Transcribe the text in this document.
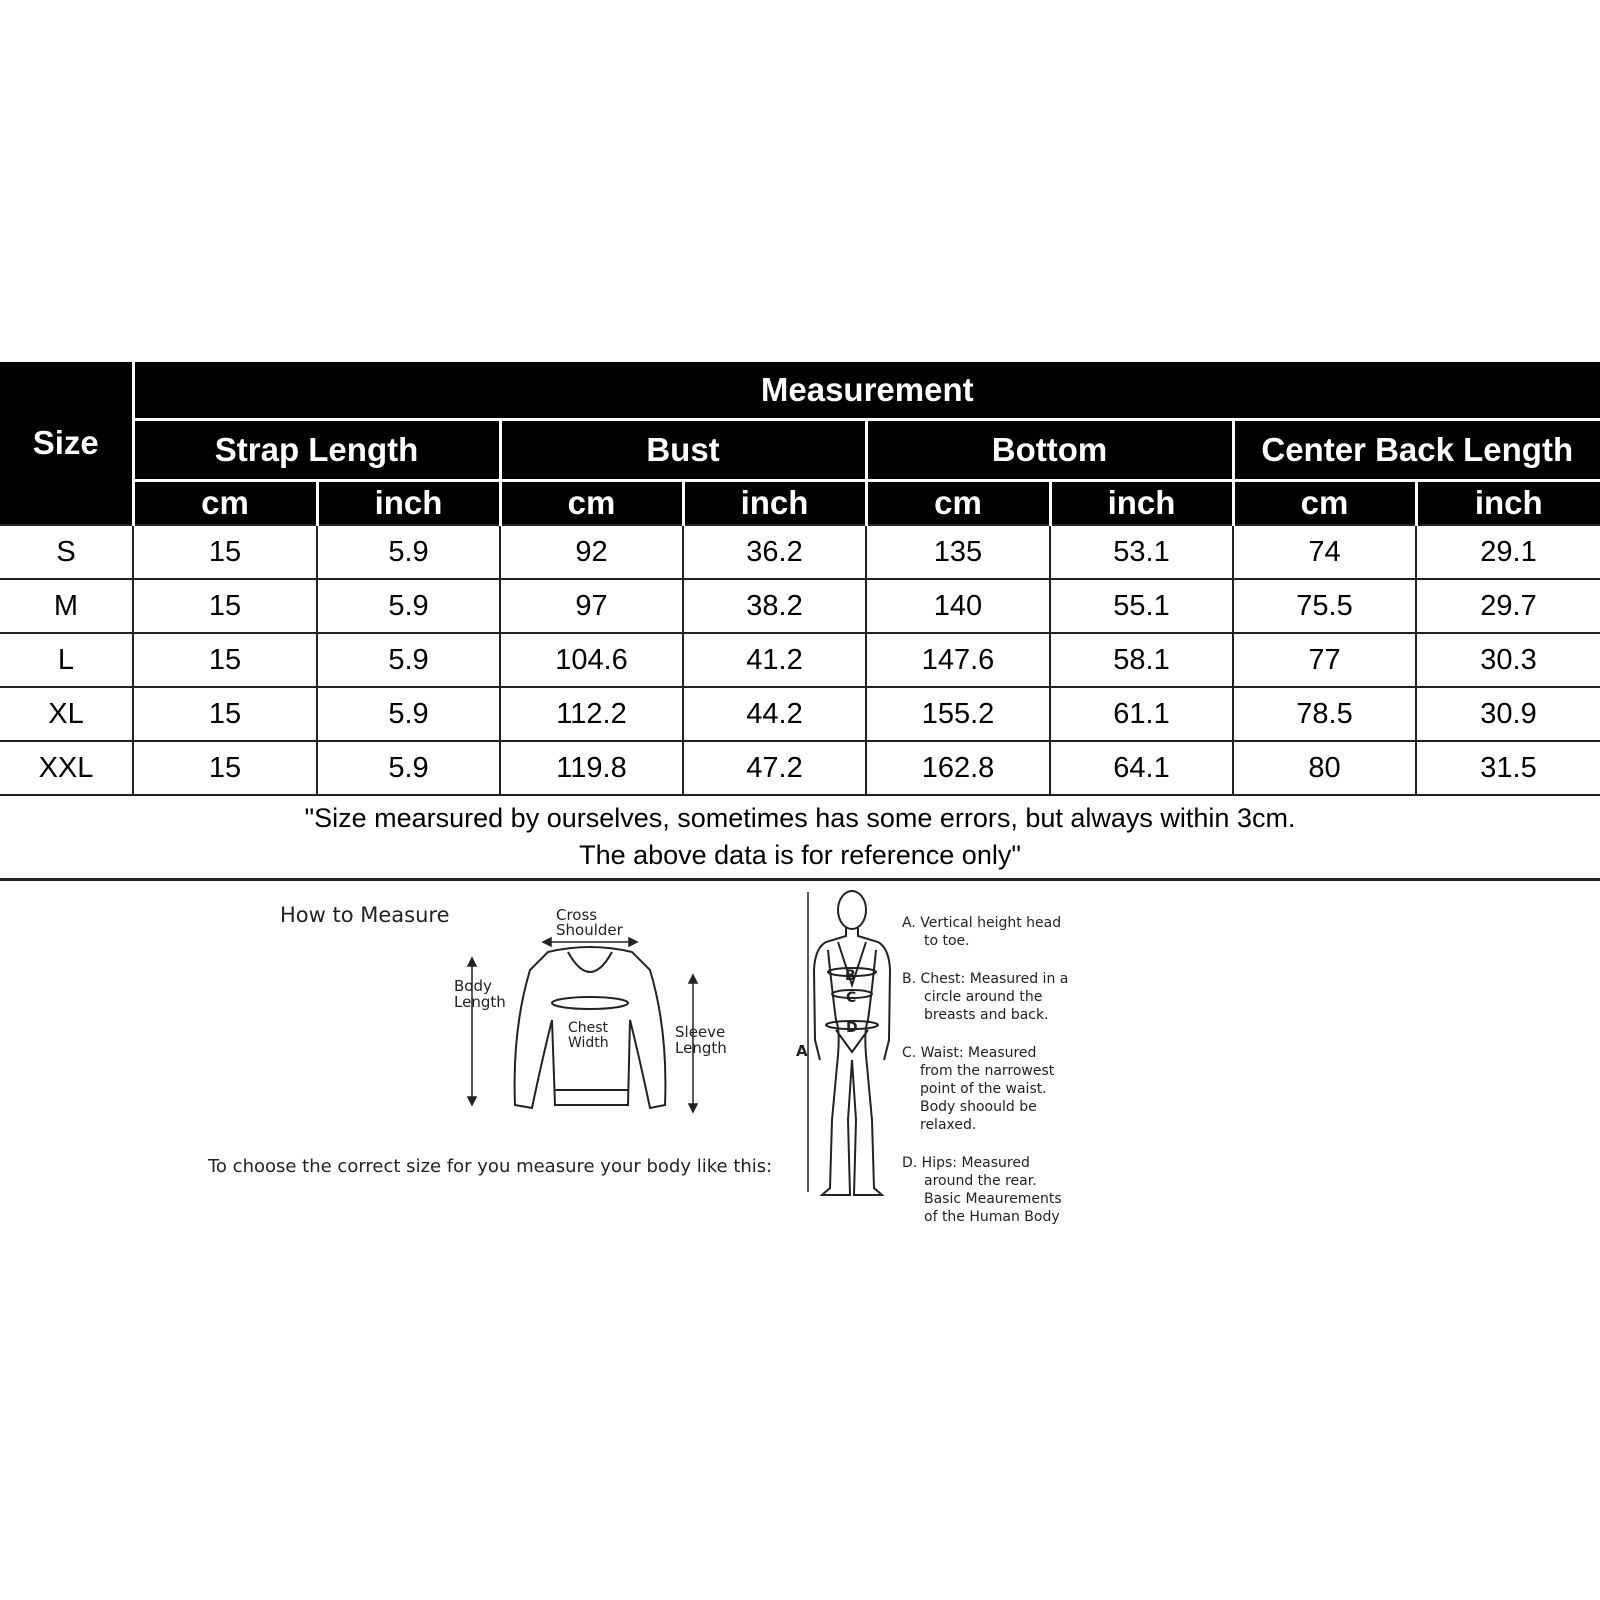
Size	Measurement							
	Strap Length		Bust		Bottom		Center Back Length	
	cm	inch	cm	inch	cm	inch	cm	inch
S	15	5.9	92	36.2	135	53.1	74	29.1
M	15	5.9	97	38.2	140	55.1	75.5	29.7
L	15	5.9	104.6	41.2	147.6	58.1	77	30.3
XL	15	5.9	112.2	44.2	155.2	61.1	78.5	30.9
XXL	15	5.9	119.8	47.2	162.8	64.1	80	31.5

"Size mearsured by ourselves, sometimes has some errors, but always within 3cm.
The above data is for reference only"								
How to Measure	Cross
Shoulder
Body
Length
Chest
Width
Sleeve
Length
To choose the correct size for you measure your body like this:
A
B
C
D
A. Vertical height head
to toe.
B. Chest: Measured in a
circle around the
breasts and back.
C. Waist: Measured
from the narrowest
point of the waist.
Body shoould be
relaxed.
D. Hips: Measured
around the rear.
Basic Meaurements
of the Human Body
